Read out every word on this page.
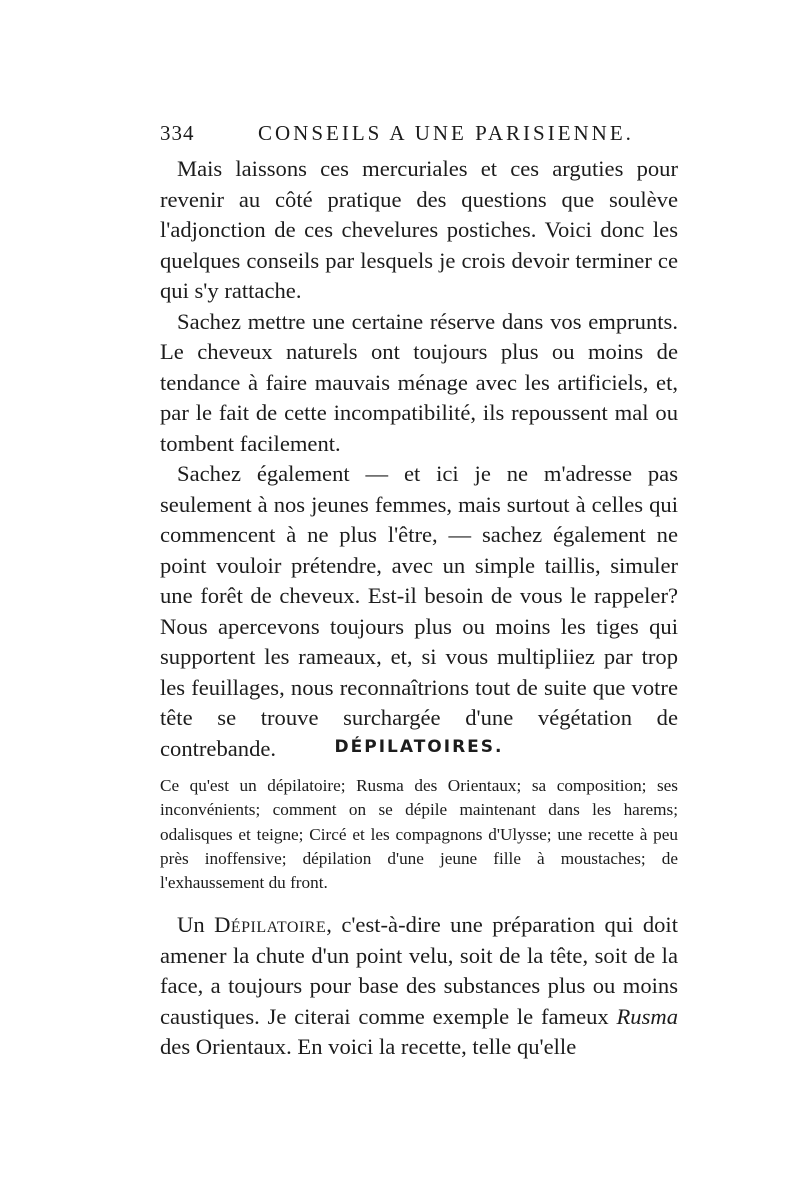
334	CONSEILS A UNE PARISIENNE.

Mais laissons ces mercuriales et ces arguties pour revenir au côté pratique des questions que soulève l'adjonction de ces chevelures postiches. Voici donc les quelques conseils par lesquels je crois devoir terminer ce qui s'y rattache.

Sachez mettre une certaine réserve dans vos emprunts. Le cheveux naturels ont toujours plus ou moins de tendance à faire mauvais ménage avec les artificiels, et, par le fait de cette incompatibilité, ils repoussent mal ou tombent facilement.

Sachez également — et ici je ne m'adresse pas seulement à nos jeunes femmes, mais surtout à celles qui commencent à ne plus l'être, — sachez également ne point vouloir prétendre, avec un simple taillis, simuler une forêt de cheveux. Est-il besoin de vous le rappeler? Nous apercevons toujours plus ou moins les tiges qui supportent les rameaux, et, si vous multipliiez par trop les feuillages, nous reconnaîtrions tout de suite que votre tête se trouve surchargée d'une végétation de contrebande.	DÉPILATOIRES.

Ce qu'est un dépilatoire; Rusma des Orientaux; sa composition; ses inconvénients; comment on se dépile maintenant dans les harems; odalisques et teigne; Circé et les compagnons d'Ulysse; une recette à peu près inoffensive; dépilation d'une jeune fille à moustaches; de l'exhaussement du front.

Un Dépilatoire, c'est-à-dire une préparation qui doit amener la chute d'un point velu, soit de la tête, soit de la face, a toujours pour base des substances plus ou moins caustiques. Je citerai comme exemple le fameux Rusma des Orientaux. En voici la recette, telle qu'elle
